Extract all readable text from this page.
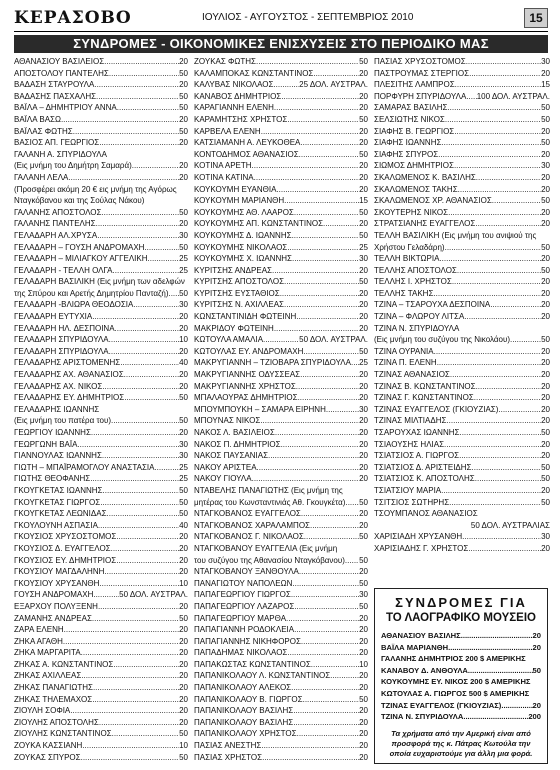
ΚΕΡΑΣΟΒΟ	ΙΟΥΛΙΟΣ - ΑΥΓΟΥΣΤΟΣ - ΣΕΠΤΕΜΒΡΙΟΣ 2010	15
ΣΥΝΔΡΟΜΕΣ - ΟΙΚΟΝΟΜΙΚΕΣ ΕΝΙΣΧΥΣΕΙΣ ΣΤΟ ΠΕΡΙΟΔΙΚΟ ΜΑΣ
ΑΘΑΝΑΣΙΟΥ ΒΑΣΙΛΕΙΟΣ .....	20
ΑΠΟΣΤΟΛΟΥ ΠΑΝΤΕΛΗΣ .....	50
ΒΑΔΑΣΗ ΣΤΑΥΡΟΥΛΑ .....	20
ΒΑΔΑΣΗΣ ΠΑΣΧΑΛΗΣ .....	50
ΒΑΪΛΑ – ΔΗΜΗΤΡΙΟΥ ΑΝΝΑ .....	50
ΒΑΪΛΑ ΒΑΣΩ .....	20
ΒΑΪΛΑΣ ΦΩΤΗΣ .....	50
ΒΑΣΙΟΣ ΑΠ. ΓΕΩΡΓΙΟΣ .....	20
ΓΑΛΑΝΗ Α. ΣΠΥΡΙΔΟΥΛΑ
(Εις μνήμη του Δημήτρη Σαμαρά) .....	20
ΓΑΛΑΝΗ ΛΕΛΑ .....	20
(Προσφέρει ακόμη 20 € εις μνήμη της Αγόρως
Νταγκόβανου και της Σούλας Νάκου)
ΓΑΛΑΝΗΣ ΑΠΟΣΤΟΛΟΣ .....	50
ΓΑΛΑΝΗΣ ΠΑΝΤΕΛΗΣ .....	20
ΓΕΛΑΔΑΡΗ ΑΛ.ΧΡΥΣΑ .....	30
ΓΕΛΑΔΑΡΗ – ΓΟΥΣΗ ΑΝΔΡΟΜΑΧΗ .....	50
ΓΕΛΑΔΑΡΗ – ΜΙΛΙΑΓΚΟΥ ΑΓΓΕΛΙΚΗ .....	25
ΓΕΛΑΔΑΡΗ - ΤΕΛΛΗ ΟΛΓΑ .....	25
ΓΕΛΑΔΑΡΗ ΒΑΣΙΛΙΚΗ (Εις μνήμη των αδελφών
της Σπύρου και Αρετής Δημητρίου Πανταζή) ..... 50
ΓΕΛΑΔΑΡΗ -ΒΛΙΩΡΑ ΘΕΟΔΟΣΙΑ .....	30
ΓΕΛΑΔΑΡΗ ΕΥΤΥΧΙΑ .....	20
ΓΕΛΑΔΑΡΗ ΗΛ. ΔΕΣΠΟΙΝΑ .....	20
ΓΕΛΑΔΑΡΗ ΣΠΥΡΙΔΟΥΛΑ .....	10
ΓΕΛΑΔΑΡΗ ΣΠΥΡΙΔΟΥΛΑ .....	20
ΓΕΛΑΔΑΡΗΣ ΑΡΙΣΤΟΜΕΝΗΣ .....	40
ΓΕΛΑΔΑΡΗΣ ΑΧ. ΑΘΑΝΑΣΙΟΣ .....	20
ΓΕΛΑΔΑΡΗΣ ΑΧ. ΝΙΚΟΣ .....	20
ΓΕΛΑΔΑΡΗΣ ΕΥ. ΔΗΜΗΤΡΙΟΣ .....	50
ΓΕΛΑΔΑΡΗΣ ΙΩΑΝΝΗΣ
(Εις μνήμη του πατέρα του) .....	50
ΓΕΩΡΓΙΟΥ ΙΩΑΝΝΗΣ .....	20
ΓΕΩΡΓΩΝΗ ΒΑΪΑ .....	30
ΓΙΑΝΝΟΥΛΑΣ ΙΩΑΝΝΗΣ .....	30
ΓΙΩΤΗ – ΜΠΑΪΡΑΜΟΓΛΟΥ ΑΝΑΣΤΑΣΙΑ .....	25
ΓΙΩΤΗΣ ΘΕΟΦΑΝΗΣ .....	25
ΓΚΟΥΓΚΕΤΑΣ ΙΩΑΝΝΗΣ .....	50
ΓΚΟΥΓΚΕΤΑΣ ΓΙΩΡΓΟΣ .....	50
ΓΚΟΥΓΚΕΤΑΣ ΛΕΩΝΙΔΑΣ .....	50
ΓΚΟΥΛΟΥΝΗ ΑΣΠΑΣΙΑ .....	40
ΓΚΟΥΣΙΟΣ ΧΡΥΣΟΣΤΟΜΟΣ .....	20
ΓΚΟΥΣΙΟΣ Δ. ΕΥΑΓΓΕΛΟΣ .....	20
ΓΚΟΥΣΙΟΣ ΕΥ. ΔΗΜΗΤΡΙΟΣ .....	20
ΓΚΟΥΣΙΟΥ ΜΑΓΔΑΛΗΝΗ .....	20
ΓΚΟΥΣΙΟΥ ΧΡΥΣΑΝΘΗ .....	10
ΓΟΥΣΗ ΑΝΔΡΟΜΑΧΗ .....	50 ΔΟΛ. ΑΥΣΤΡΑΛ.
ΕΞΑΡΧΟΥ ΠΟΛΥΞΕΝΗ .....	20
ΖΑΜΑΝΗΣ ΑΝΔΡΕΑΣ .....	50
ΖΑΡΑ ΕΛΕΝΗ .....	20
ΖΗΚΑ ΑΓΑΘΗ .....	20
ΖΗΚΑ ΜΑΡΓΑΡΙΤΑ .....	20
ΖΗΚΑΣ Α. ΚΩΝΣΤΑΝΤΙΝΟΣ .....	20
ΖΗΚΑΣ ΑΧΙΛΛΕΑΣ .....	20
ΖΗΚΑΣ ΠΑΝΑΓΙΩΤΗΣ .....	20
ΖΗΚΑΣ ΤΗΛΕΜΑΧΟΣ .....	20
ΖΙΟΥΛΗ ΣΟΦΙΑ .....	20
ΖΙΟΥΛΗΣ ΑΠΟΣΤΟΛΗΣ .....	20
ΖΙΟΥΛΗΣ ΚΩΝΣΤΑΝΤΙΝΟΣ .....	50
ΖΟΥΚΑ ΚΑΣΣΙΑΝΗ .....	10
ΖΟΥΚΑΣ ΣΠΥΡΟΣ .....	50
ΖΟΥΚΑΣ ΦΩΤΗΣ .....	50
ΚΑΛΑΜΠΟΚΑΣ ΚΩΝΣΤΑΝΤΙΝΟΣ .....	20
ΚΑΛΥΒΑΣ ΝΙΚΟΛΑΟΣ .....	25 ΔΟΛ. ΑΥΣΤΡΑΛ.
ΚΑΝΑΒΟΣ ΔΗΜΗΤΡΙΟΣ .....	20
ΚΑΡΑΓΙΑΝΝΗ ΕΛΕΝΗ .....	20
ΚΑΡΑΜΗΤΣΗΣ ΧΡΗΣΤΟΣ .....	50
ΚΑΡΒΕΛΑ ΕΛΕΝΗ .....	20
ΚΑΤΣΙΑΜΑΝΗ Α. ΛΕΥΚΟΘΕΑ .....	20
ΚΟΝΤΟΔΗΜΟΣ ΑΘΑΝΑΣΙΟΣ .....	50
ΚΟΤΙΝΑ ΑΡΕΤΗ .....	20
ΚΟΤΙΝΑ ΚΑΤΙΝΑ .....	20
ΚΟΥΚΟΥΜΗ ΕΥΑΝΘΙΑ .....	20
ΚΟΥΚΟΥΜΗ ΜΑΡΙΑΝΘΗ .....	15
ΚΟΥΚΟΥΜΗΣ ΑΘ. ΛΑΑΡΟΣ .....	50
ΚΟΥΚΟΥΜΗΣ ΑΠ. ΚΩΝΣΤΑΝΤΙΝΟΣ .....	20
ΚΟΥΚΟΥΜΗΣ Δ. ΙΩΑΝΝΗΣ .....	50
ΚΟΥΚΟΥΜΗΣ ΝΙΚΟΛΑΟΣ .....	25
ΚΟΥΚΟΥΜΗΣ Χ. ΙΩΑΝΝΗΣ .....	30
ΚΥΡΙΤΣΗΣ ΑΝΔΡΕΑΣ .....	20
ΚΥΡΙΤΣΗΣ ΑΠΟΣΤΟΛΟΣ .....	50
ΚΥΡΙΤΣΗΣ ΕΥΣΤΑΘΙΟΣ .....	20
ΚΥΡΙΤΣΗΣ Ν. ΑΧΙΛΛΕΑΣ .....	20
ΚΩΝΣΤΑΝΤΙΝΙΔΗ ΦΩΤΕΙΝΗ .....	20
ΜΑΚΡΙΔΟΥ ΦΩΤΕΙΝΗ .....	20
ΚΩΤΟΥΛΑ ΑΜΑΛΙΑ .....	50 ΔΟΛ. ΑΥΣΤΡΑΛ.
ΚΩΤΟΥΛΑΣ ΕΥ. ΑΝΔΡΟΜΑΧΗ .....	50
ΜΑΚΡΥΓΙΑΝΝΗ – ΤΖΙΟΒΑΡΑ ΣΠΥΡΙΔΟΥΛΑ ..... 25
ΜΑΚΡΥΓΙΑΝΝΗΣ ΟΔΥΣΣΕΑΣ .....	20
ΜΑΚΡΥΓΙΑΝΝΗΣ ΧΡΗΣΤΟΣ .....	20
ΜΠΑΛΑΟΥΡΑΣ ΔΗΜΗΤΡΙΟΣ .....	20
ΜΠΟΥΜΠΟΥΚΗ – ΣΑΜΑΡΑ ΕΙΡΗΝΗ .....	30
ΜΠΟΥΝΑΣ ΝΙΚΟΣ .....	20
ΝΑΚΟΣ Λ. ΒΑΣΙΛΕΙΟΣ .....	20
ΝΑΚΟΣ Π. ΔΗΜΗΤΡΙΟΣ .....	20
ΝΑΚΟΣ ΠΑΥΣΑΝΙΑΣ .....	20
ΝΑΚΟΥ ΑΡΙΣΤΕΑ .....	20
ΝΑΚΟΥ ΓΙΟΥΛΑ .....	20
ΝΤΑΒΕΛΗΣ ΠΑΝΑΓΙΩΤΗΣ (Εις μνήμη της
μητέρας του Κωνσταντινιάς Αθ. Γκουγκέτα) ..... 50
ΝΤΑΓΚΟΒΑΝΟΣ ΕΥΑΓΓΕΛΟΣ .....	20
ΝΤΑΓΚΟΒΑΝΟΣ ΧΑΡΑΛΑΜΠΟΣ .....	20
ΝΤΑΓΚΟΒΑΝΟΣ Γ. ΝΙΚΟΛΑΟΣ .....	50
ΝΤΑΓΚΟΒΑΝΟΥ ΕΥΑΓΓΕΛΙΑ (Εις μνήμη
του συζύγου της Αθανασίου Νταγκόβανου) ..... 50
ΝΤΑΓΚΟΒΑΝΟΥ ΞΑΝΘΟΥΛΑ .....	20
ΠΑΝΑΓΙΩΤΟΥ ΝΑΠΟΛΕΩΝ .....	50
ΠΑΠΑΓΕΩΡΓΙΟΥ ΓΙΩΡΓΟΣ .....	30
ΠΑΠΑΓΕΩΡΓΙΟΥ ΛΑΖΑΡΟΣ .....	50
ΠΑΠΑΓΕΩΡΓΙΟΥ ΜΑΡΘΑ .....	20
ΠΑΠΑΓΙΑΝΝΗ ΡΟΔΟΚΛΕΙΑ .....	20
ΠΑΠΑΓΙΑΝΝΗΣ ΝΙΚΗΦΟΡΟΣ .....	20
ΠΑΠΑΔΗΜΑΣ ΝΙΚΟΛΑΟΣ .....	20
ΠΑΠΑΚΩΣΤΑΣ ΚΩΝΣΤΑΝΤΙΝΟΣ .....	10
ΠΑΠΑΝΙΚΟΛΑΟΥ Λ. ΚΩΝΣΤΑΝΤΙΝΟΣ .....	20
ΠΑΠΑΝΙΚΟΛΑΟΥ ΑΛΕΚΟΣ .....	20
ΠΑΠΑΝΙΚΟΛΑΟΥ Β. ΓΙΩΡΓΟΣ .....	50
ΠΑΠΑΝΙΚΟΛΑΟΥ ΒΑΣΙΛΗΣ .....	20
ΠΑΠΑΝΙΚΟΛΑΟΥ ΒΑΣΙΛΗΣ .....	20
ΠΑΠΑΝΙΚΟΛΑΟΥ ΧΡΗΣΤΟΣ .....	20
ΠΑΣΙΑΣ ΑΝΕΣΤΗΣ .....	20
ΠΑΣΙΑΣ ΧΡΗΣΤΟΣ .....	20
ΠΑΣΙΑΣ ΧΡΥΣΟΣΤΟΜΟΣ .....	30
ΠΑΣΤΡΟΥΜΑΣ ΣΤΕΡΓΙΟΣ .....	20
ΠΛΕΣΙΤΗΣ ΛΑΜΠΡΟΣ .....	15
ΠΟΡΦΥΡΗ ΣΠΥΡΙΔΟΥΛΑ ..... 100 ΔΟΛ. ΑΥΣΤΡΑΛ.
ΣΑΜΑΡΑΣ ΒΑΣΙΛΗΣ .....	50
ΣΕΛΣΙΩΤΗΣ ΝΙΚΟΣ .....	50
ΣΙΑΦΗΣ Β. ΓΕΩΡΓΙΟΣ .....	20
ΣΙΑΦΗΣ ΙΩΑΝΝΗΣ .....	50
ΣΙΑΦΗΣ ΣΠΥΡΟΣ .....	20
ΣΙΩΜΟΣ ΔΗΜΗΤΡΙΟΣ .....	30
ΣΚΑΛΩΜΕΝΟΣ Κ. ΒΑΣΙΛΗΣ .....	20
ΣΚΑΛΩΜΕΝΟΣ ΤΑΚΗΣ .....	20
ΣΚΑΛΩΜΕΝΟΣ ΧΡ. ΑΘΑΝΑΣΙΟΣ .....	50
ΣΚΟΥΤΕΡΗΣ ΝΙΚΟΣ .....	20
ΣΤΡΑΤΣΙΑΝΗΣ ΕΥΑΓΓΕΛΟΣ .....	20
ΤΕΛΛΗ ΒΑΣΙΛΙΚΗ (Εις μνήμη του ανιψιού της
Χρήστου Γελαδάρη) .....	50
ΤΕΛΛΗ ΒΙΚΤΩΡΙΑ .....	20
ΤΕΛΛΗΣ ΑΠΟΣΤΟΛΟΣ .....	50
ΤΕΛΛΗΣ Ι. ΧΡΗΣΤΟΣ .....	20
ΤΕΛΛΗΣ ΤΑΚΗΣ .....	20
ΤΖΙΝΑ – ΤΣΑΡΟΥΧΑ ΔΕΣΠΟΙΝΑ .....	20
ΤΖΙΝΑ – ΦΛΩΡΟΥ ΛΙΤΣΑ .....	20
ΤΖΙΝΑ Ν. ΣΠΥΡΙΔΟΥΛΑ
(Εις μνήμη του συζύγου της Νικολάου) .....	50
ΤΖΙΝΑ ΟΥΡΑΝΙΑ .....	20
ΤΖΙΝΑ Π. ΕΛΕΝΗ .....	20
ΤΖΙΝΑΣ ΑΘΑΝΑΣΙΟΣ .....	20
ΤΖΙΝΑΣ Β. ΚΩΝΣΤΑΝΤΙΝΟΣ .....	20
ΤΖΙΝΑΣ Γ. ΚΩΝΣΤΑΝΤΙΝΟΣ .....	20
ΤΖΙΝΑΣ ΕΥΑΓΓΕΛΟΣ (ΓΚΙΟΥΖΙΑΣ) .....	20
ΤΖΙΝΑΣ ΜΙΛΤΙΑΔΗΣ .....	20
ΤΣΑΡΟΥΧΑΣ ΙΩΑΝΝΗΣ .....	50
ΤΣΙΑΟΥΣΗΣ ΗΛΙΑΣ .....	20
ΤΣΙΑΤΣΙΟΣ Α. ΓΙΩΡΓΟΣ .....	20
ΤΣΙΑΤΣΙΟΣ Δ. ΑΡΙΣΤΕΙΔΗΣ .....	50
ΤΣΙΑΤΣΙΟΣ Κ. ΑΠΟΣΤΟΛΗΣ .....	50
ΤΣΙΑΤΣΙΟΥ ΜΑΡΙΑ .....	20
ΤΣΙΤΣΙΟΣ ΣΩΤΗΡΗΣ .....	50
ΤΣΟΥΜΠΑΝΟΣ ΑΘΑΝΑΣΙΟΣ
50 ΔΟΛ. ΑΥΣΤΡΑΛΙΑΣ
ΧΑΡΙΣΙΑΔΗ ΧΡΥΣΑΝΘΗ .....	30
ΧΑΡΙΣΙΑΔΗΣ Γ. ΧΡΗΣΤΟΣ .....	20
ΣΥΝΔΡΟΜΕΣ ΓΙΑ
ΤΟ ΛΑΟΓΡΑΦΙΚΟ ΜΟΥΣΕΙΟ
ΑΘΑΝΑΣΙΟΥ ΒΑΣΙΛΗΣ .....	20
ΒΑΪΛΑ ΜΑΡΙΑΝΘΗ .....	20
ΓΑΛΑΝΗΣ ΔΗΜΗΤΡΙΟΣ 200 $ ΑΜΕΡΙΚΗΣ
ΚΑΝΑΒΟΥ Δ. ΑΝΘΟΥΛΑ .....	50
ΚΟΥΚΟΥΜΗΣ ΕΥ. ΝΙΚΟΣ 200 $ ΑΜΕΡΙΚΗΣ
ΚΩΤΟΥΛΑΣ Α. ΓΙΩΡΓΟΣ 500 $ ΑΜΕΡΙΚΗΣ
ΤΖΙΝΑΣ ΕΥΑΓΓΕΛΟΣ (ΓΚΙΟΥΖΙΑΣ) .....	20
ΤΖΙΝΑ Ν. ΣΠΥΡΙΔΟΥΛΑ .....	200
Τα χρήματα από την Αμερική είναι από προσφορά της κ. Πάτρας Κωτούλα την οποία ευχαριστούμε για άλλη μια φορά.
